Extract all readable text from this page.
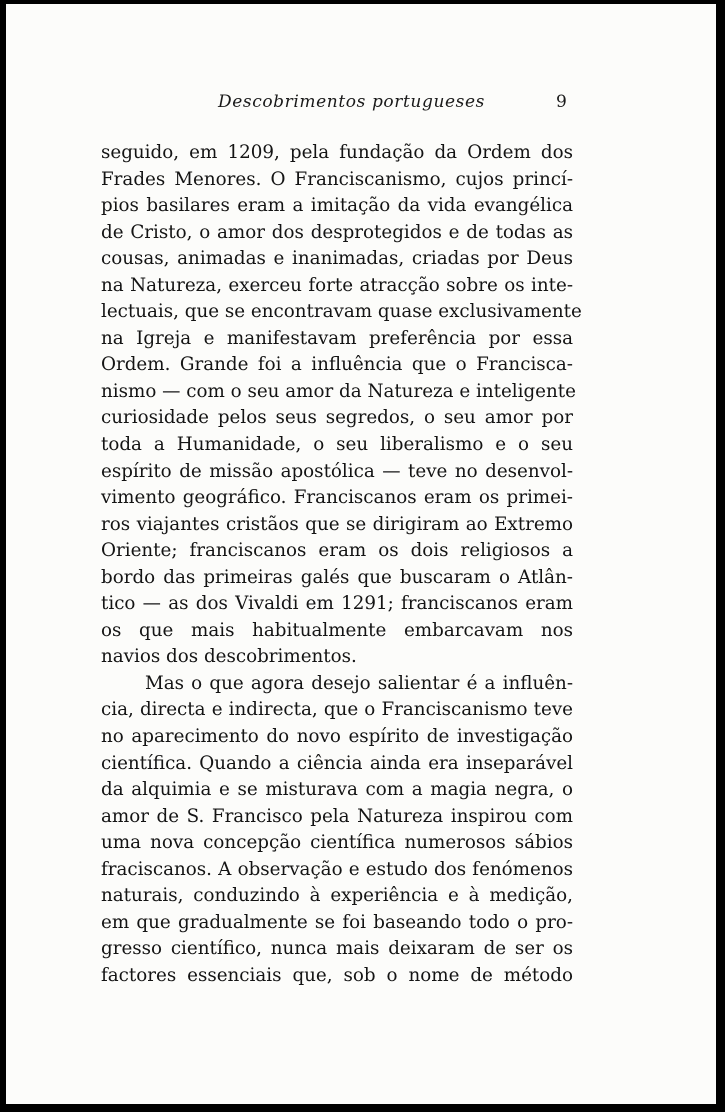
Descobrimentos portugueses	9
seguido, em 1209, pela fundação da Ordem dos
Frades Menores. O Franciscanismo, cujos princí-
pios basilares eram a imitação da vida evangélica
de Cristo, o amor dos desprotegidos e de todas as
cousas, animadas e inanimadas, criadas por Deus
na Natureza, exerceu forte atracção sobre os inte-
lectuais, que se encontravam quase exclusivamente
na Igreja e manifestavam preferência por essa
Ordem. Grande foi a influência que o Francisca-
nismo — com o seu amor da Natureza e inteligente
curiosidade pelos seus segredos, o seu amor por
toda a Humanidade, o seu liberalismo e o seu
espírito de missão apostólica — teve no desenvol-
vimento geográfico. Franciscanos eram os primei-
ros viajantes cristãos que se dirigiram ao Extremo
Oriente; franciscanos eram os dois religiosos a
bordo das primeiras galés que buscaram o Atlân-
tico — as dos Vivaldi em 1291; franciscanos eram
os que mais habitualmente embarcavam nos
navios dos descobrimentos.
Mas o que agora desejo salientar é a influên-
cia, directa e indirecta, que o Franciscanismo teve
no aparecimento do novo espírito de investigação
científica. Quando a ciência ainda era inseparável
da alquimia e se misturava com a magia negra, o
amor de S. Francisco pela Natureza inspirou com
uma nova concepção científica numerosos sábios
fraciscanos. A observação e estudo dos fenómenos
naturais, conduzindo à experiência e à medição,
em que gradualmente se foi baseando todo o pro-
gresso científico, nunca mais deixaram de ser os
factores essenciais que, sob o nome de método
